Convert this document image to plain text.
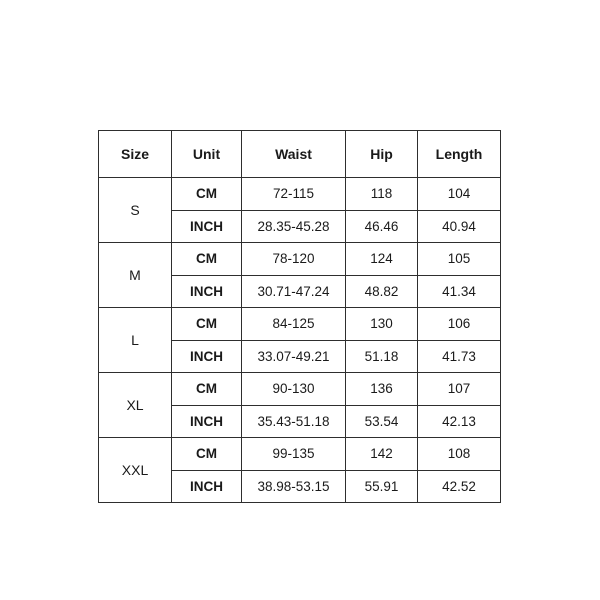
Size	Unit	Waist	Hip	Length
S	CM	72-115	118	104
	INCH	28.35-45.28	46.46	40.94
M	CM	78-120	124	105
	INCH	30.71-47.24	48.82	41.34
L	CM	84-125	130	106
	INCH	33.07-49.21	51.18	41.73
XL	CM	90-130	136	107
	INCH	35.43-51.18	53.54	42.13
XXL	CM	99-135	142	108
	INCH	38.98-53.15	55.91	42.52
